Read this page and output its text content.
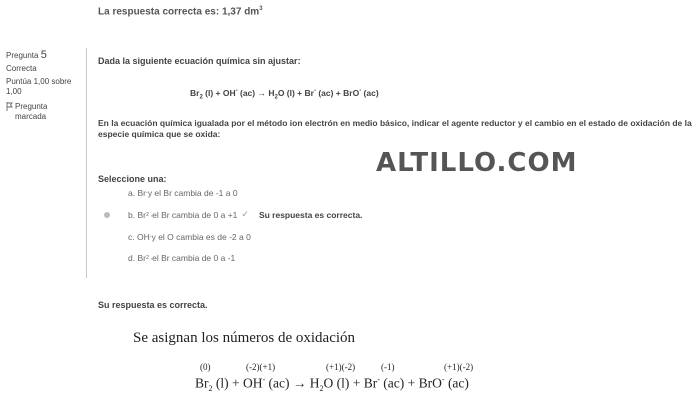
La respuesta correcta es: 1,37 $dm^3$
Pregunta 5
Correcta
Puntúa 1,00 sobre
1,00
Pregunta
marcada
Dada la siguiente ecuación química sin ajustar:
$Br_2$ (l) + OH- $(ac) \to H_2O$ (l) + Br- (ac) + BrO- (ac)
En la ecuación química igualada por el método ion electrón en medio básico, indicar el agente reductor y el cambio en el estado de oxidación de la especie química que se oxida:
ALTILLO.COM
Seleccione una:
a.
Br - y el Br cambia de -1 a 0
b.
Br 2 , el Br cambia de 0 a +1 ✓ Su respuesta es correcta.
c.
OH - y el O cambia es de -2 a 0
d.
Br 2 , el Br cambia de 0 a -1
Su respuesta es correcta.
Se asignan los números de oxidación
(0)	(-2)(+1)	(+1)(-2)	(-1)	(+1)(-2)
$Br_2$ (l) + OH- $(ac) \to H_2O$ (l) + Br- (ac) + BrO- (ac)
